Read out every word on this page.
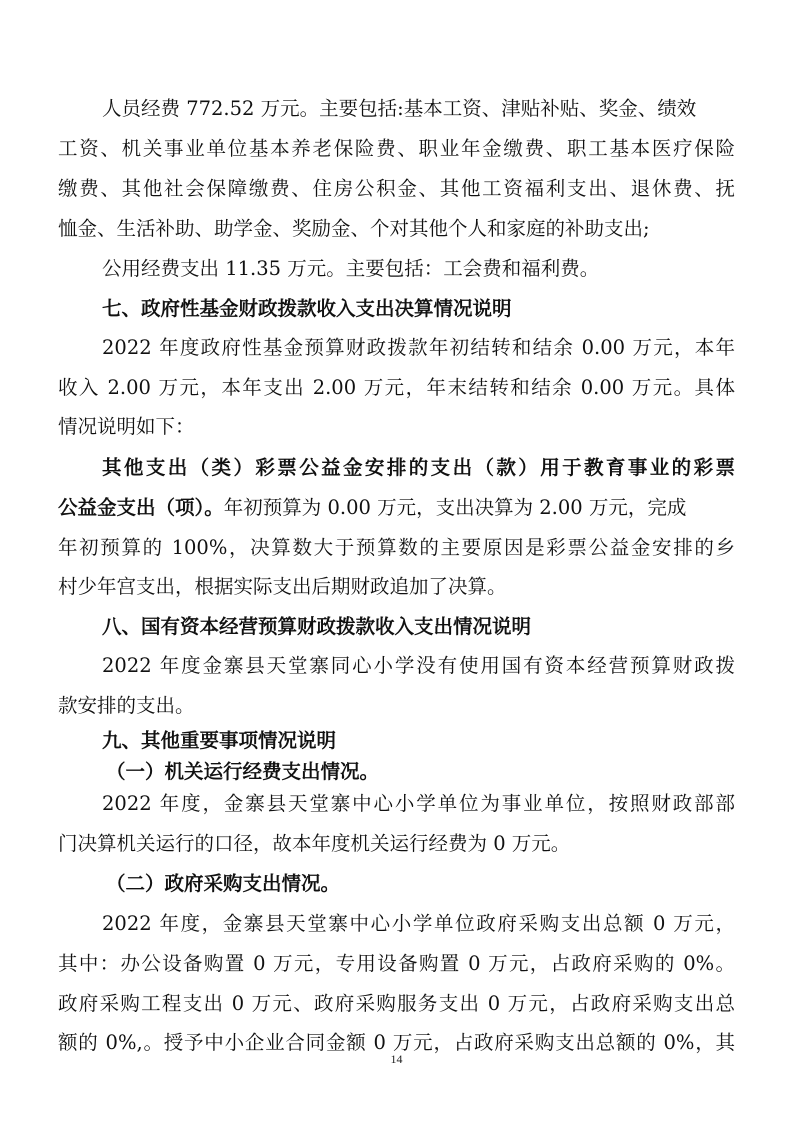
人员经费 772.52 万元。主要包括:基本工资、津贴补贴、奖金、绩效
工资、机关事业单位基本养老保险费、职业年金缴费、职工基本医疗保险
缴费、其他社会保障缴费、住房公积金、其他工资福利支出、退休费、抚
恤金、生活补助、助学金、奖励金、个对其他个人和家庭的补助支出;
公用经费支出 11.35 万元。主要包括：工会费和福利费。
七、政府性基金财政拨款收入支出决算情况说明
2022 年度政府性基金预算财政拨款年初结转和结余 0.00 万元，本年
收入 2.00 万元，本年支出 2.00 万元，年末结转和结余 0.00 万元。具体
情况说明如下：
其他支出（类）彩票公益金安排的支出（款）用于教育事业的彩票
公益金支出（项）。年初预算为 0.00 万元，支出决算为 2.00 万元，完成
年初预算的 100%，决算数大于预算数的主要原因是彩票公益金安排的乡
村少年宫支出，根据实际支出后期财政追加了决算。
八、国有资本经营预算财政拨款收入支出情况说明
2022 年度金寨县天堂寨同心小学没有使用国有资本经营预算财政拨
款安排的支出。
九、其他重要事项情况说明
（一）机关运行经费支出情况。
2022 年度，金寨县天堂寨中心小学单位为事业单位，按照财政部部
门决算机关运行的口径，故本年度机关运行经费为 0 万元。
（二）政府采购支出情况。
2022 年度，金寨县天堂寨中心小学单位政府采购支出总额 0 万元，
其中：办公设备购置 0 万元，专用设备购置 0 万元，占政府采购的 0%。
政府采购工程支出 0 万元、政府采购服务支出 0 万元，占政府采购支出总
额的 0%,。授予中小企业合同金额 0 万元，占政府采购支出总额的 0%，其
14
